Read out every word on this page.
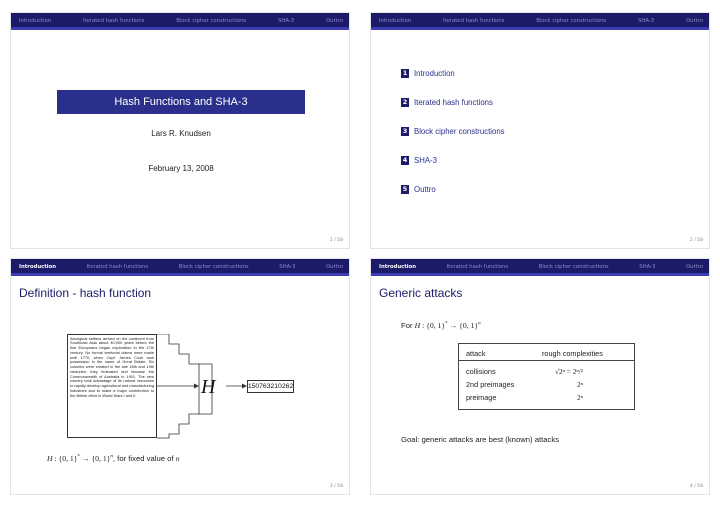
Introduction	Iterated hash functions	Block cipher constructions	SHA-3	Outtro
Hash Functions and SHA-3
Lars R. Knudsen
February 13, 2008
1 / 58
Introduction	Iterated hash functions	Block cipher constructions	SHA-3	Outtro
1 Introduction
2 Iterated hash functions
3 Block cipher constructions
4 SHA-3
5 Outtro
2 / 58
Introduction	Iterated hash functions	Block cipher constructions	SHA-3	Outtro
Definition - hash function
Aboriginal settlers arrived on the continent from Southeast Asia about 40,000 years before the first Europeans began exploration in the 17th century. No formal territorial claims were made until 1770, when Capt. James Cook took possession in the name of Great Britain. Six colonies were created in the late 18th and 19th centuries; they federated and became the Commonwealth of Australia in 1901. The new country took advantage of its natural resources to rapidly develop agricultural and manufacturing industries and to make a major contribution to the British effort in World Wars I and II.	H	150763210262
H : {0, 1}* → {0, 1}$^n$, for fixed value of n
3 / 58
Introduction	Iterated hash functions	Block cipher constructions	SHA-3	Outtro
Generic attacks
For H : {0, 1}* → {0, 1}$^n$
attack	rough complexities
collisions	√2ⁿ = 2ⁿ/²
2nd preimages	2ⁿ
preimage	2ⁿ
Goal: generic attacks are best (known) attacks
4 / 58
